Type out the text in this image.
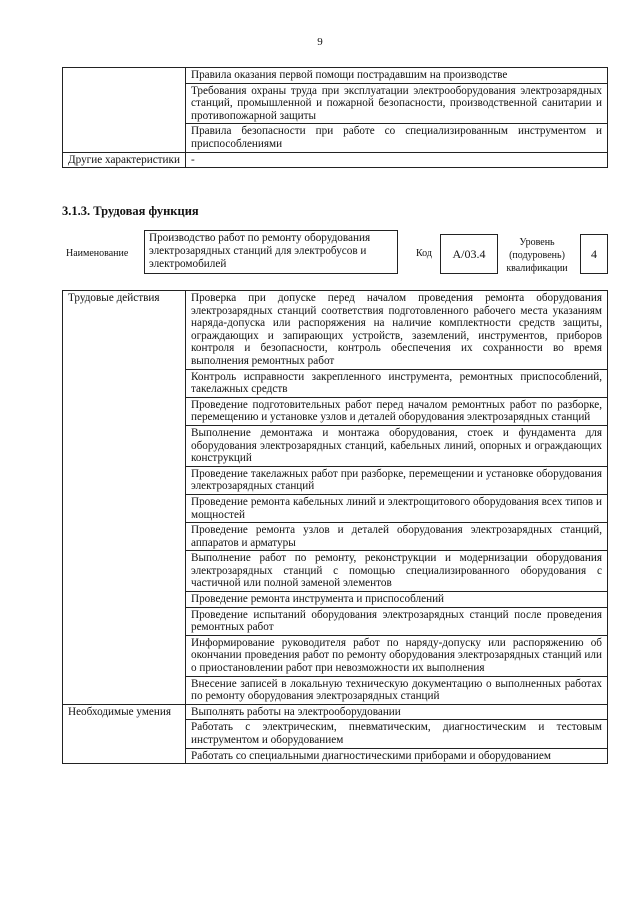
9
	Правила оказания первой помощи пострадавшим на производстве
	Требования охраны труда при эксплуатации электрооборудования электрозарядных станций, промышленной и пожарной безопасности, производственной санитарии и противопожарной защиты
	Правила безопасности при работе со специализированным инструментом и приспособлениями
Другие характеристики	-
3.1.3. Трудовая функция
Наименование
Производство работ по ремонту оборудования электрозарядных станций для электробусов и электромобилей
Код	A/03.4
Уровень (подуровень) квалификации
4
Трудовые действия	Проверка при допуске перед началом проведения ремонта оборудования электрозарядных станций соответствия подготовленного рабочего места указаниям наряда-допуска или распоряжения на наличие комплектности средств защиты, ограждающих и запирающих устройств, заземлений, инструментов, приборов контроля и безопасности, контроль обеспечения их сохранности во время выполнения ремонтных работ
	Контроль исправности закрепленного инструмента, ремонтных приспособлений, такелажных средств
	Проведение подготовительных работ перед началом ремонтных работ по разборке, перемещению и установке узлов и деталей оборудования электрозарядных станций
	Выполнение демонтажа и монтажа оборудования, стоек и фундамента для оборудования электрозарядных станций, кабельных линий, опорных и ограждающих конструкций
	Проведение такелажных работ при разборке, перемещении и установке оборудования электрозарядных станций
	Проведение ремонта кабельных линий и электрощитового оборудования всех типов и мощностей
	Проведение ремонта узлов и деталей оборудования электрозарядных станций, аппаратов и арматуры
	Выполнение работ по ремонту, реконструкции и модернизации оборудования электрозарядных станций с помощью специализированного оборудования с частичной или полной заменой элементов
	Проведение ремонта инструмента и приспособлений
	Проведение испытаний оборудования электрозарядных станций после проведения ремонтных работ
	Информирование руководителя работ по наряду-допуску или распоряжению об окончании проведения работ по ремонту оборудования электрозарядных станций или о приостановлении работ при невозможности их выполнения
	Внесение записей в локальную техническую документацию о выполненных работах по ремонту оборудования электрозарядных станций
Необходимые умения	Выполнять работы на электрооборудовании
	Работать с электрическим, пневматическим, диагностическим и тестовым инструментом и оборудованием
	Работать со специальными диагностическими приборами и оборудованием
